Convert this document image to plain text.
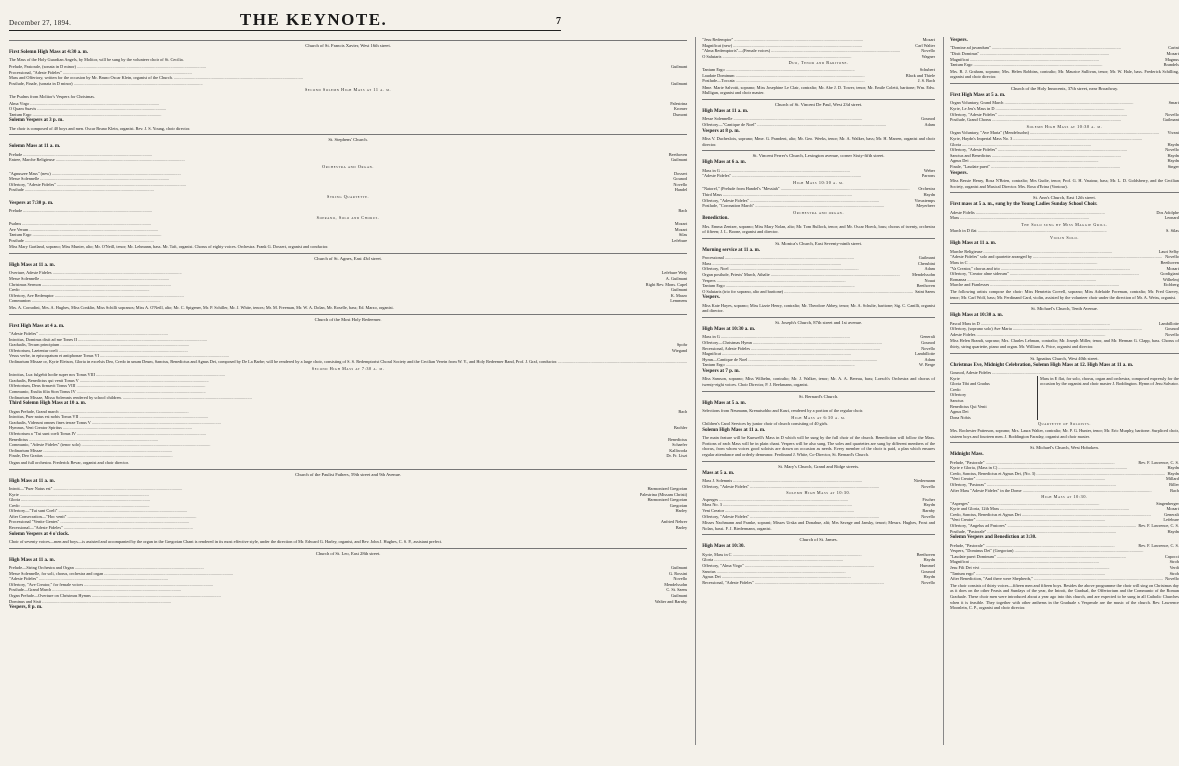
December 27, 1894.	THE KEYNOTE.	7
Church of St. Francis Xavier, West 16th street.
First Solemn High Mass at 4:30 a. m.
The Mass of the Holy Guardian Angels, by Molitor, will be sung by the volunteer choir of St. Cecilia.
Prelude, Pastorale, (sonata in D minor) .....	Guilmant
Processional, "Adeste Fideles" .....
Mass and Offertory, written for the occasion by Mr. Bruno Oscar Klein, organist of the Church. .....
Postlude, Finale, (sonata in D minor) .....	Guilmant
Second Solemn High Mass at 11 a. m.
The Psalms from Molitor's Vespers for Christmas.
Alma Virgo .....	Palestrina
O Quam Suavis .....	Kromer
Tantum Ergo .....	Dumont
Solemn Vespers at 3 p. m.
The choir is composed of 40 boys and men. Oscar Bruno Klein, organist. Rev. J. S. Young, choir director.
St. Stephens' Church.
Solemn Mass at 11 a. m.
Prelude .....	Beethoven
Entree, Marche Religieuse .....	Guilmant
Orchestra and Organ.
"Agnuszee Mass" (new) .....	Dossert
Messe Solennelle .....	Gounod
Offertory, "Adeste Fideles" .....	Novello
Postlude .....	Handel
String Quartette.
Vespers at 7:30 p. m.
Prelude .....	Bach
Soprano, Solo and Chorus.
Psalms .....	Mozart
Ave Verum .....	Mozart
Tantum Ergo .....	Silas
Postlude .....	Lefebure
Miss Mary Gartland, soprano; Miss Munier, alto; Mr. O'Neill, tenor; Mr. Lehmann, bass. Mr. Taft, organist. Chorus of eighty voices. Orchestra. Frank G. Dossert, organist and conductor.
Church of St. Agnes, East 43d street.
High Mass at 11 a. m.
Overture, Adeste Fideles .....	Lefebure Wely
Messe Solennelle .....	A. Guilmant
Christmas Sermon .....	Right Rev. Mons. Capel
Credo .....	Guilmant
Offertory, Ave Redemptor .....	K. Marzo
Communion .....	Lemmens
Mrs. A. Corradini, Mrs. A. Hughes, Miss Conklin, Miss Schilli sopranos; Miss A. O'Neill, alto; Mr. C. Spigener, Mr. P. Schiller, Mr. J. White, tenors; Mr. M. Freeman, Mr. W. A. Dolan, Mr. Roselle, bass; Ed. Marzo, organist.
Church of the Most Holy Redeemer.
First High Mass at 4 a. m.
"Adeste Fideles" .....
Introitus, Dominus dixit ad me Tones II .....
Gradualis, Tecum principium .....	Spohr
Offertorium, Laetentur coeli .....	Wiegand
Vesus verbe, in episcopatum et antiphonae Tonus VI .....
Ordinarium Missae or, Kyrie Eleison, Gloria in excelsis Deo, Credo in unum Deum, Sanctus, Benedictus and Agnus Dei, composed by De La Barbe; will be rendered by a large choir, consisting of S. S. Redemptorist Choral Society and the Cecilian Verein from W. Y., and Holy Redeemer Band, Prof. J. Graf, conductor. .....
Second High Mass at 7:30 a. m.
Introitus, Lux fulgebit hodie super nos Tonus VIII .....
Gradualis, Benedictus qui venit Tonus V .....
Offertorium, Deus firmavit Tonus VIII .....
Communio, Exulta filia Sion Tonus IV .....
Ordinarium Missae, Missa Solemnis rendered by school children. .....
Third Solemn High Mass at 10 a. m.
Organ Prelude, Grand march .....	Bach
Introitus, Puer natus est nobis Tonus VII .....
Gradualis, Viderunt omnes fines terrae Tonus V .....
Hymnus, Veni Creator Spiritus .....	Bachler
Offertorium a "Tui sunt coeli Tonus IV .....
Benedictus .....	Benedictus
Communio, "Adeste Fideles" (tenor solo) .....	Schaefer
Ordinarium Missae .....	Kalliwoda
Finale, Deo Gratias .....	Dr. Fr. Liszt
Organ and full orchestra. Frederick Bevar, organist and choir director.
Church of the Paulist Fathers, 59th street and 9th Avenue.
High Mass at 11 a. m.
Introit—"Puer Natus est" .....	Harmonized Gregorian
Kyrie .....	Palestrina (Missam Christi)
Gloria .....	Harmonized Gregorian
Credo .....	Gregorian
Offertory—"Tui sunt Coeli" .....	Harley
After Consecration—"Hoc venit" .....
Processional "Venite Gentes" .....	Anfried Nehrer
Recessional—"Adeste Fideles" .....	Barley
Solemn Vespers at 4 o'clock.
Choir of seventy voices—men and boys—is assisted and accompanied by the organ in the Gregorian Chant is rendered in its most effective style, under the direction of Mr. Edward G. Harley, organist, and Rev. John J. Hughes, C. S. P., assistant prefect.
Church of St. Leo, East 28th street.
High Mass at 11 a. m.
Prelude—String Orchestra and Organ .....	Guilmant
Messe Solennelle, for soli, chorus, orchestra and organ .....	G. Rossini
"Adeste Fideles" .....	Novello
Offertory, "Ave Creator," for female voices .....	Mendelssohn
Postlude—Grand March .....	C. St. Saens
Organ Prelude—Overture on Christmas Hymns .....	Guilmant
Dominus and Sixit .....	Walter and Barnby
Vespers, 8 p. m.
"Jesu Redemptor" .....	Mozart
Magnificat (new) .....	Carl Walter
"Alma Redemptoris"—(Female voices) .....	Novello
O Salutaris .....	Wagner
Duo, Tenor and Baritone.
Tantum Ergo .....	Schubert
Laudate Dominum .....	Black and Thiele
Postlude—Toccata .....	J. S. Bach
Mme. Marie Salvotti, soprano; Miss Josephine Le Clair, contralto; Mr. Abe J. D. Tower, tenor; Mr. Emile Coletti, baritone; Wm. Edw. Mulligan, organist and choir master.
Church of St. Vincent De Paul, West 23d street.
High Mass at 11 a. m.
Messe Solennelle .....	Gounod
Offertory—"Cantique de Noel" .....	Adam
Vespers at 8 p. m.
Miss V. Duchesloix, soprano; Mme. G. Prandent, alto; Mr. Geo. Weeks, tenor; Mr. A. Walker, bass; Mr. H. Marren, organist and choir director.
St. Vincent Ferrer's Church, Lexington avenue, corner Sixty-fifth street.
High Mass at 6 a. m.
Mass in G .....	Weber
"Adeste Fideles" .....	Parrons
High Mass 10:30 a. m.
"Natorel," (Prelude from Handel's "Messiah" .....	Orchestra
Third Mass .....	Haydn
Offertory, "Adeste Fideles" .....	Vieuxtemps
Postlude, "Coronation March" .....	Meyerbeer
Orchestra and organ.
Benediction.
Mrs. Emma Zentzer, soprano; Miss Mary Nolan, alto; Mr. Tom Bullock, tenor; and Mr. Oscar Hoeck, bass; chorus of twenty, orchestra of fifteen; J. L. Boone, organist and director.
St. Monica's Church, East Seventy-ninth street.
Morning service at 11 a. m.
Processional .....	Guilmant
Mass .....	Cherubini
Offertory, Noel .....	Adam
Organ postlude, Priests' March, Athalie .....	Mendelssohn
Vespers .....	Nouat
Tantum Ergo .....	Beethoven
O Salutaris (trio for soprano, alto and baritone) .....	Saint Saens
Vespers.
Miss Kate Hayes, soprano; Miss Lizzie Henry, contralto; Mr. Theodore Abbey, tenor; Mr. A. Schulte, baritone; Sig. C. Canilli, organist and director.
St. Joseph's Church, 87th street and 1st avenue.
High Mass at 10:30 a. m.
Mass in G .....	Generali
Offertory—Christmas Hymn .....	Gounod
Recessional, Adeste Fideles .....	Novello
Magnificat .....	Lambillotte
Hymn—Cantique de Noel .....	Adam
Tantum Ergo .....	W. Berge
Vespers at 7 p. m.
Miss Samson, soprano; Miss Wilhelm, contralto; Mr. J. Walker, tenor; Mr. A. A. Bereau, bass; Loesch's Orchestra and chorus of twenty-eight voices. Choir Director, P. J. Beekmann, organist.
St. Bernard's Church.
High Mass at 5 a. m.
Selections from Neumann, Krenutsobho and Kasri, rendered by a portion of the regular choir.
High Mass at 6:30 a. m.
Children's Carol Services by junior choir of church consisting of 40 girls.
Solemn High Mass at 11 a. m.
The main feature will be Kunwell's Mass in D which will be sung by the full choir of the church. Benediction will follow the Mass. Portions of each Mass will be in plain chant. Vespers will be also sung. The soles and quartettes are sung by different members of the chorus, from whom voices good soloists are drawn on occasion as needs. Every member of the choir is paid, a plan which ensures regular attendance and orderly demeanor. Ferdinand J. White, Co-Director, St. Bernard's Church.
St. Mary's Church, Grand and Ridge streets.
Mass at 5 a. m.
Mass J. Solemnis .....	Niedermann
Offertory, "Adeste Fideles" .....	Novello
Solemn High Mass at 10:30.
Asperges .....	Fischer
Mass No. 3 .....	Haydn
Veni Creator .....	Barnby
Offertory, "Adeste Fideles" .....	Novello
Misses Nachmann and Franke, soprani; Misses Urska and Donahue, alti; Mrs Savage and Jansky, tenori; Messrs. Hughes, Frost and Nolan, bassi. F. J. Biedermann, organist.
Church of St. James.
High Mass at 10:30.
Kyrie, Mass in C .....	Beethoven
Gloria .....	Haydn
Offertory, "Alma Virgo" .....	Hummel
Sanctus .....	Gounod
Agnus Dei .....	Haydn
Recessional, "Adeste Fideles" .....	Novello
Vespers.
"Domine ad juvandum" .....	Carini
"Dixit Dominus" .....	Mozart
Magnificat .....	Magnus
Tantum Ergo .....	Brandels
Mrs. B. J. Graham, soprano; Mrs. Helen Robbins, contralto; Mr. Maurice Sullivan, tenor; Mr. W. Hale, bass. Frederick Schilling, organist and choir director.
Church of the Holy Innocents, 37th street, near Broadway.
First High Mass at 5 a. m.
Organ Voluntary, Grand March .....	Smart
Kyrie, Le Jeu's Mass in D .....
Offertory, "Adeste Fideles" .....	Novello
Postlude, Grand Chorus .....	Guilmant
Solemn High Mass at 10:30 a. m.
Organ Voluntary, "Ave Maria" (Mendelssohn) .....	Vivani
Kyrie, Haydn's Imperial Mass No. 3 .....
Gloria .....	Haydn
Offertory, "Adeste Fideles" .....	Novello
Sanctus and Benedictus .....	Haydn
Agnus Dei .....	Haydn
Finale, "Laudate pueri" .....	Singer
Vespers.
Miss Bessie Henry, Rosa N'Brien, contralto; Mrs Gudie, tenor; Prof. G. H. Vautour, bass; Mr. L. D. Goldsberry, and the Cecilian Society, organist and Musical Director. Mrs. Rosa d'Erina (Vontour).
St. Ann's Church, East 12th street.
First mass at 5 a. m., sung by the Young Ladies Sunday School Choir.
Adeste Fidelis .....	Dos Adolphe
Mass .....	Leonard
The Solo sung by Miss Maggie Grill.
March in D flat .....	S. Silas
Violin Solo.
High Mass at 11 a. m.
Marche Religieuse .....	Lauri Selby
"Adeste Fideles" solo and quartette arranged by .....	Novello
Mass in C .....	Beethoven
"Va Creator," chorus and trio .....	Mozart
Offertory, "Creator alme siderum" .....	Gordigiani
Romanza .....	Wilhelmj
Marche and Fianlesses .....	Eichberg
The following artists compose the choir: Miss Henrietta Corvell, soprano; Miss Adelaide Foreman, contralto; Mr. Fred Garvey, tenor; Mr. Carl Wolf, bass; Mr. Ferdinand Card, violin, assisted by the volunteer choir under the direction of Mr. A. Weiss, organist.
St. Michael's Church, Tenth Avenue.
High Mass at 10:30 a. m.
Pascal Mass in D .....	Lambillotte
Offertory, (soprano solo) Ave Maria .....	Gounod
Adeste Fideles .....	Novello
Miss Helen Brandt, soprano; Mrs. Charles Lehman, contralto; Mr. Joseph Miller, tenor, and Mr. Herman G. Clapp, bass. Chorus of thirty, string quartette, piano and organ. Mr. William A. Price, organist and director.
St. Ignatius Church, West 40th street.
Christmas Eve, Midnight Celebration, Solemn High Mass at 12. High Mass at 11 a. m.
Gounod, Adeste Fideles .....
Kyrie
Gloria Tibi and Gradus
Credo
Offertory
Sanctus
Benedictus Qui Venit
Agnus Dei
Dona Nobis
Mass in E flat, for solo, chorus, organ and orchestra, composed expressly for the occasion by the organist and choir master J. Boddington. Hymn of Jesu Salvator.
Quartette of Soloists.
Mrs. Rochester Patterson, soprano; Mrs. Laura Walter, contralto; Mr. P. G. Hunter, tenor; Mr. Eric Murphy, baritone. Surpliced choir, sixteen boys and fourteen men. J. Boddington Faraday, organist and choir master.
St. Michael's Church, West Hoboken.
Midnight Mass.
Prelude, "Pastorale" .....	Rev. F. Lawrence, C. S.
Kyrie e Gloria, (Mass in C) .....	Haydn
Credo, Sanctus, Benedictus et Agnus Dei, (No. 3) .....	Haydn
"Veni Creator" .....	Millard
Offertory, "Pastoras" .....	Biller
After Mass "Adeste Fideles" in the Dome .....	Bach
High Mass at 10:30.
"Asperges" .....	Singenberger
Kyrie and Gloria, 12th Mass .....	Mozart
Credo, Sanctus, Benedictus et Agnus Dei .....	Generali
"Veni Creator" .....	Lefebure
Offertory, "Angelus ad Pastores" .....	Rev. F. Lawrence, C. S.
Postlude, "Pastorale" .....	Haydn
Solemn Vespers and Benediction at 3:30.
Prelude, "Pastorale" .....	Rev. F. Lawrence, C. S.
Vespers, "Dominus Dei" (Gregorian) .....
"Laudate pueri Dominum" .....	Capocci
Magnificat .....	Stroh
Jesu Fili Dei vivi .....	Verdi
"Tantum ergo" .....	Stroh
After Benediction, "And there were Shepherds," .....	Novello
The choir consists of thirty voices—fifteen men and fifteen boys. Besides the above programme the choir will sing on Christmas day as it does on the other Feasts and Sundays of the year, the Introit, the Gradual, the Offertorium and the Communio of the Roman Graduale. These choir men were introduced about a year ago into this church, and are expected to be sung in all Catholic Churches when it is feasible. They together with other anthems in the Graduale s Vesperale are the music of the church. Rev. Lawrence Moonlein, C. P., organist and choir director.
